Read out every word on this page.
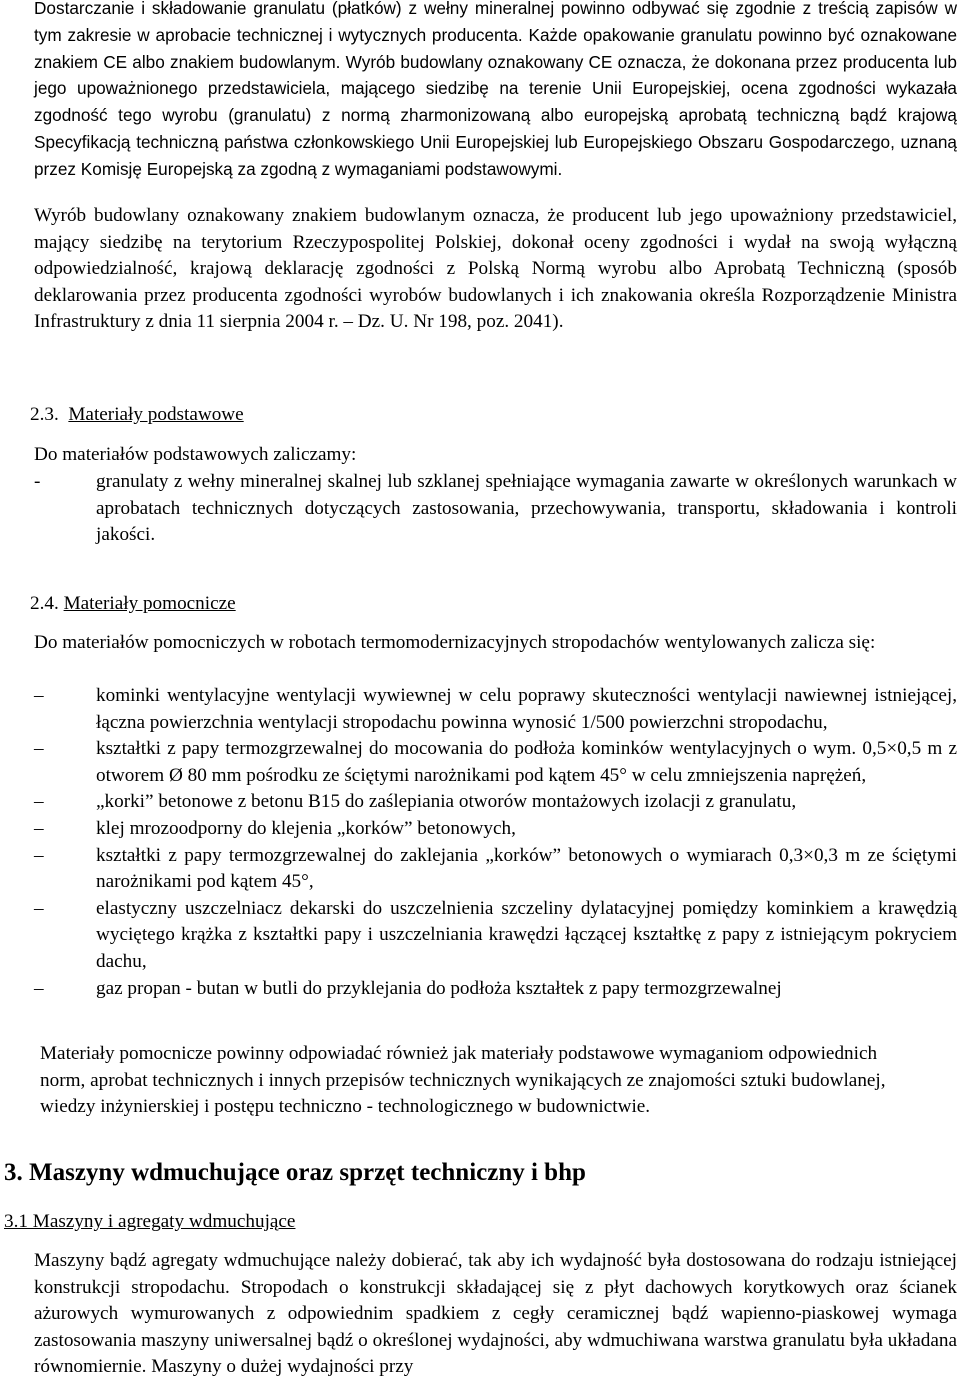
Dostarczanie i składowanie granulatu (płatków) z wełny mineralnej powinno odbywać się zgodnie z treścią zapisów w tym zakresie w aprobacie technicznej i wytycznych producenta. Każde opakowanie granulatu powinno być oznakowane znakiem CE albo znakiem budowlanym. Wyrób budowlany oznakowany CE oznacza, że dokonana przez producenta lub jego upoważnionego przedstawiciela, mającego siedzibę na terenie Unii Europejskiej, ocena zgodności wykazała zgodność tego wyrobu (granulatu) z normą zharmonizowaną albo europejską aprobatą techniczną bądź krajową Specyfikacją techniczną państwa członkowskiego Unii Europejskiej lub Europejskiego Obszaru Gospodarczego, uznaną przez Komisję Europejską za zgodną z wymaganiami podstawowymi.

Wyrób budowlany oznakowany znakiem budowlanym oznacza, że producent lub jego upoważniony przedstawiciel, mający siedzibę na terytorium Rzeczypospolitej Polskiej, dokonał oceny zgodności i wydał na swoją wyłączną odpowiedzialność, krajową deklarację zgodności z Polską Normą wyrobu albo Aprobatą Techniczną (sposób deklarowania przez producenta zgodności wyrobów budowlanych i ich znakowania określa Rozporządzenie Ministra Infrastruktury z dnia 11 sierpnia 2004 r. – Dz. U. Nr 198, poz. 2041).

2.3. Materiały podstawowe

Do materiałów podstawowych zaliczamy:

-	granulaty z wełny mineralnej skalnej lub szklanej spełniające wymagania zawarte w określonych warunkach w aprobatach technicznych dotyczących zastosowania, przechowywania, transportu, składowania i kontroli jakości.
2.4. Materiały pomocnicze

Do materiałów pomocniczych w robotach termomodernizacyjnych stropodachów wentylowanych zalicza się:

–	kominki wentylacyjne wentylacji wywiewnej w celu poprawy skuteczności wentylacji nawiewnej istniejącej, łączna powierzchnia wentylacji stropodachu powinna wynosić 1/500 powierzchni stropodachu,
–	kształtki z papy termozgrzewalnej do mocowania do podłoża kominków wentylacyjnych o wym. 0,5×0,5 m z otworem Ø 80 mm pośrodku ze ściętymi narożnikami pod kątem 45° w celu zmniejszenia naprężeń,
–	„korki” betonowe z betonu B15 do zaślepiania otworów montażowych izolacji z granulatu,
–	klej mrozoodporny do klejenia „korków” betonowych,
–	kształtki z papy termozgrzewalnej do zaklejania „korków” betonowych o wymiarach 0,3×0,3 m ze ściętymi narożnikami pod kątem 45°,
–	elastyczny uszczelniacz dekarski do uszczelnienia szczeliny dylatacyjnej pomiędzy kominkiem a krawędzią wyciętego krążka z kształtki papy i uszczelniania krawędzi łączącej kształtkę z papy z istniejącym pokryciem dachu,
–	gaz propan - butan w butli do przyklejania do podłoża kształtek z papy termozgrzewalnej

Materiały pomocnicze powinny odpowiadać również jak materiały podstawowe wymaganiom odpowiednich norm, aprobat technicznych i innych przepisów technicznych wynikających ze znajomości sztuki budowlanej, wiedzy inżynierskiej i postępu techniczno - technologicznego w budownictwie.

3. Maszyny wdmuchujące oraz sprzęt techniczny i bhp
3.1 Maszyny i agregaty wdmuchujące

Maszyny bądź agregaty wdmuchujące należy dobierać, tak aby ich wydajność była dostosowana do rodzaju istniejącej konstrukcji stropodachu. Stropodach o konstrukcji składającej się z płyt dachowych korytkowych oraz ścianek ażurowych wymurowanych z odpowiednim spadkiem z cegły ceramicznej bądź wapienno-piaskowej wymaga zastosowania maszyny uniwersalnej bądź o określonej wydajności, aby wdmuchiwana warstwa granulatu była układana równomiernie. Maszyny o dużej wydajności przy
